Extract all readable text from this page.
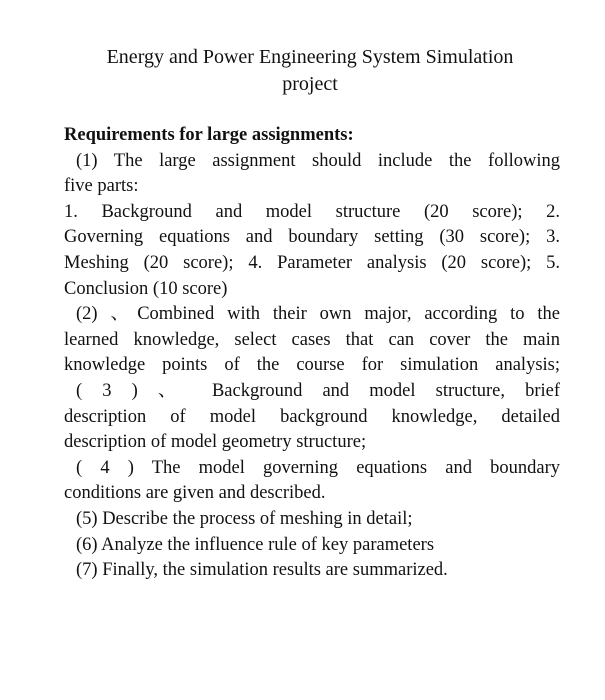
Energy and Power Engineering System Simulation
project
Requirements for large assignments:
(1) The large assignment should include the following
five parts:
1. Background and model structure (20 score); 2.
Governing equations and boundary setting (30 score); 3.
Meshing (20 score); 4. Parameter analysis (20 score); 5.
Conclusion (10 score)
(2) 、Combined with their own major, according to the
learned knowledge, select cases that can cover the main
knowledge points of the course for simulation analysis;
( 3 ) 、 Background and model structure, brief
description of model background knowledge, detailed
description of model geometry structure;
( 4 ) The model governing equations and boundary
conditions are given and described.
(5) Describe the process of meshing in detail;
(6) Analyze the influence rule of key parameters
(7) Finally, the simulation results are summarized.
